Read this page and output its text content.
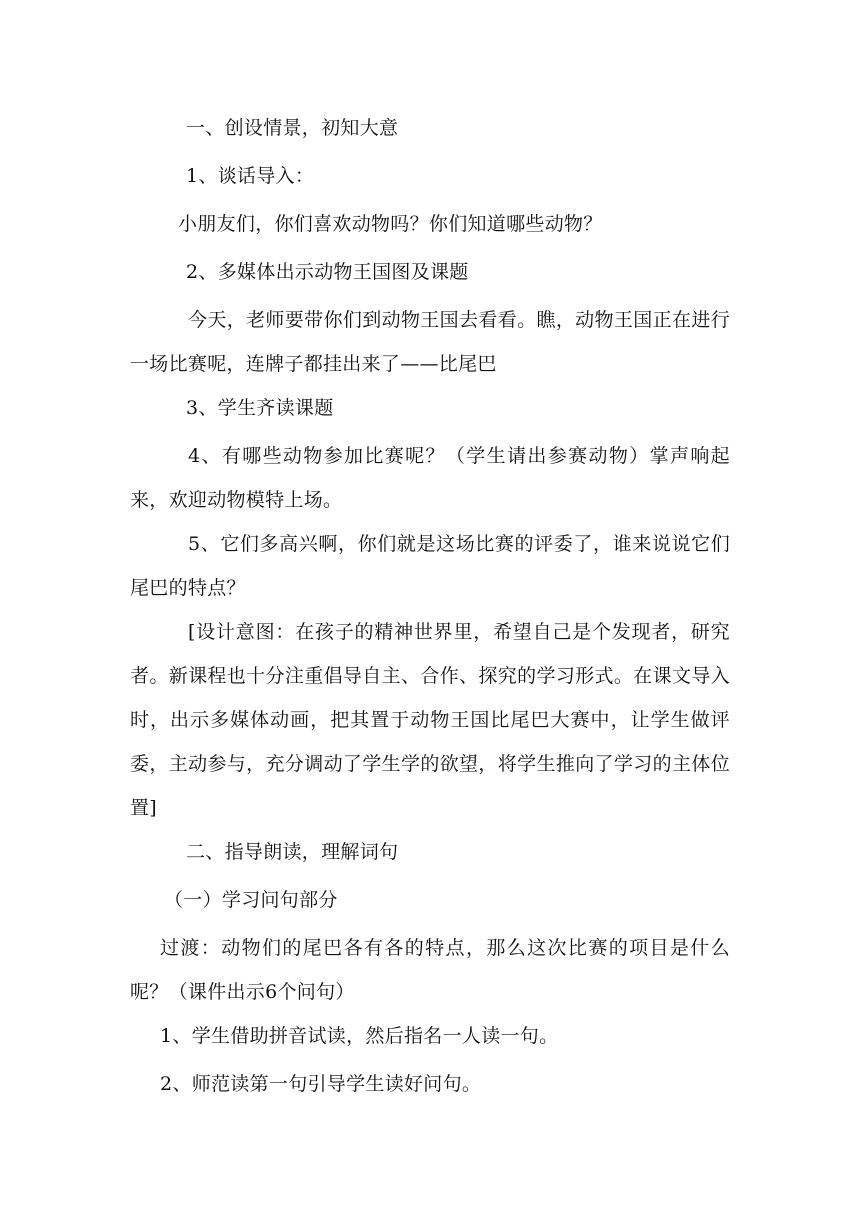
一、创设情景，初知大意

1、谈话导入：

小朋友们，你们喜欢动物吗？你们知道哪些动物？

2、多媒体出示动物王国图及课题

今天，老师要带你们到动物王国去看看。瞧，动物王国正在进行一场比赛呢，连牌子都挂出来了——比尾巴

3、学生齐读课题

4、有哪些动物参加比赛呢？（学生请出参赛动物）掌声响起来，欢迎动物模特上场。

5、它们多高兴啊，你们就是这场比赛的评委了，谁来说说它们尾巴的特点？

[设计意图：在孩子的精神世界里，希望自己是个发现者，研究者。新课程也十分注重倡导自主、合作、探究的学习形式。在课文导入时，出示多媒体动画，把其置于动物王国比尾巴大赛中，让学生做评委，主动参与，充分调动了学生学的欲望，将学生推向了学习的主体位置]

二、指导朗读，理解词句

（一）学习问句部分

过渡：动物们的尾巴各有各的特点，那么这次比赛的项目是什么呢？（课件出示6个问句）

1、学生借助拼音试读，然后指名一人读一句。

2、师范读第一句引导学生读好问句。
